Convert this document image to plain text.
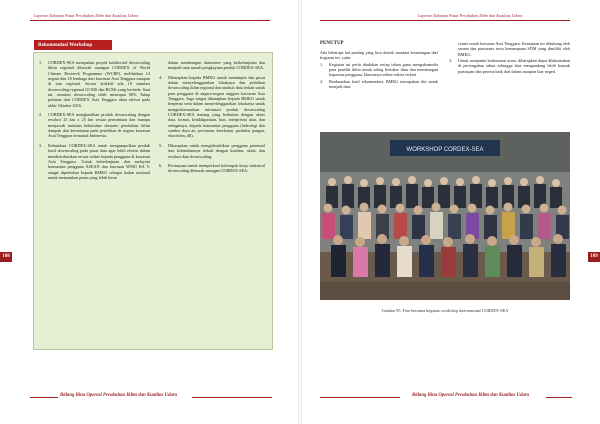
Laporan Tahunan Pusat Perubahan Iklim dan Kualitas Udara
Rekomendasi Workshop
1.	CORDEX-SEA merupakan proyek kolaboratif downscaling iklim regional dibawah naungan CORDEX of World Climate Research Programme (WCRP), melibatkan 14 negara dan 18 lembaga dari kawasan Asia Tenggara maupun di luar regional. Secara kolektif ada 18 simulasi downscaling regional GCMS dan RCMs yang berbeda. Saat ini, simulasi downscaling telah mencapai 80% Tahap pertama dari CORDEX Asia Tenggara akan selesai pada akhir Oktober 2016.
2.	CORDEX-SEA menghasilkan produk downscaling dengan resolusi 25 km x 25 km sesuai permintaan dan mampu menjawab tuntutan kebutuhan skenario perubahan iklim dampak dan kerentanan pada penelitian di negara kawasan Asia Tenggara termasuk Indonesia.
3.	Kebutuhan CORDEX-SEA untuk mengumpulkan produk hasil downscaling pada pusat data agar lebih efisien dalam mendistribusikan secara online kepada pengguna di kawasan Asia Tenggara. Untuk keberlanjutan dan melayani komunitas pengguna ASEAN dan kawasan WMO RA V, sangat diperlukan kepada BMKG sebagai badan nasional untuk memainkan peran yang lebih besar
dalam membangun datacenter yang berkelanjutan dan menjadi tuan rumah pengkayaan produk CORDEX-SEA.
4.	Diharapkan kepada BMKG untuk memimpin dan pusat dalam menyelenggarakan lokakarya dan pelatihan downscaling iklim regional dan analisis data terkait untuk para pengguna di negara-negara anggota kawasan Asia Tenggara. Juga sangat diharapkan kepada BMKG untuk berperan serta dalam menyelenggarakan lokakarya untuk menginformasikan informasi produk downscaling CORDEX-SEA tentang yang berkaitan dengan akses data, format, ketidakpastian, bias, interpretasi data, dan sebagainya, kepada komunitas pengguna (hidrologi dan sumber daya air, pertanian, kesehatan, produksi pangan, ekosistem, dll).
5.	Diharapkan untuk mengidentifikasi pengguna potensial dari kebutuhannya terkait dengan kualitas, skala, dan resolusi data downscaling.
6.	Pertanyaan untuk memperkuat kelompok kerja statistical downscaling dibawah naungan CORDEX-SEA.
108
Bidang Bina Operasi Perubahan Iklim dan Kualitas Udara
Laporan Tahunan Pusat Perubahan Iklim dan Kualitas Udara
109
Bidang Bina Operasi Perubahan Iklim dan Kualitas Udara
PENUTUP
Ada beberapa hal penting yang bisa ditarik manfaat keuntungan dari kegiatan ini, yaitu:
1.	Kegiatan ini perlu diadakan setiap tahun guna mengakomodir para peneliti iklim untuk saling bertukar ilmu dan membangun kapasitas pengguna, khususnya sektor-sektor terkait.
2.	Berdasarkan hasil rekomendasi, BMKG merupakan diri untuk menjadi data
center untuk kawasan Asia Tenggara. Kemajuan ini didukung oleh sarana dan prasarana serta kemampuan SDM yang dimiliki oleh BMKG.
3.	Untuk menjamin keakuratan acara, diharapkan dapat dilaksanakan di pertengahan tahun sehingga bisa mengundang lebih banyak partisipan dan peserta baik dari dalam maupun luar negeri.
WORKSHOP CORDEX-SEA
Gambar 95. Foto bersama kegiatan workshop internasional CORDEX-SEA
